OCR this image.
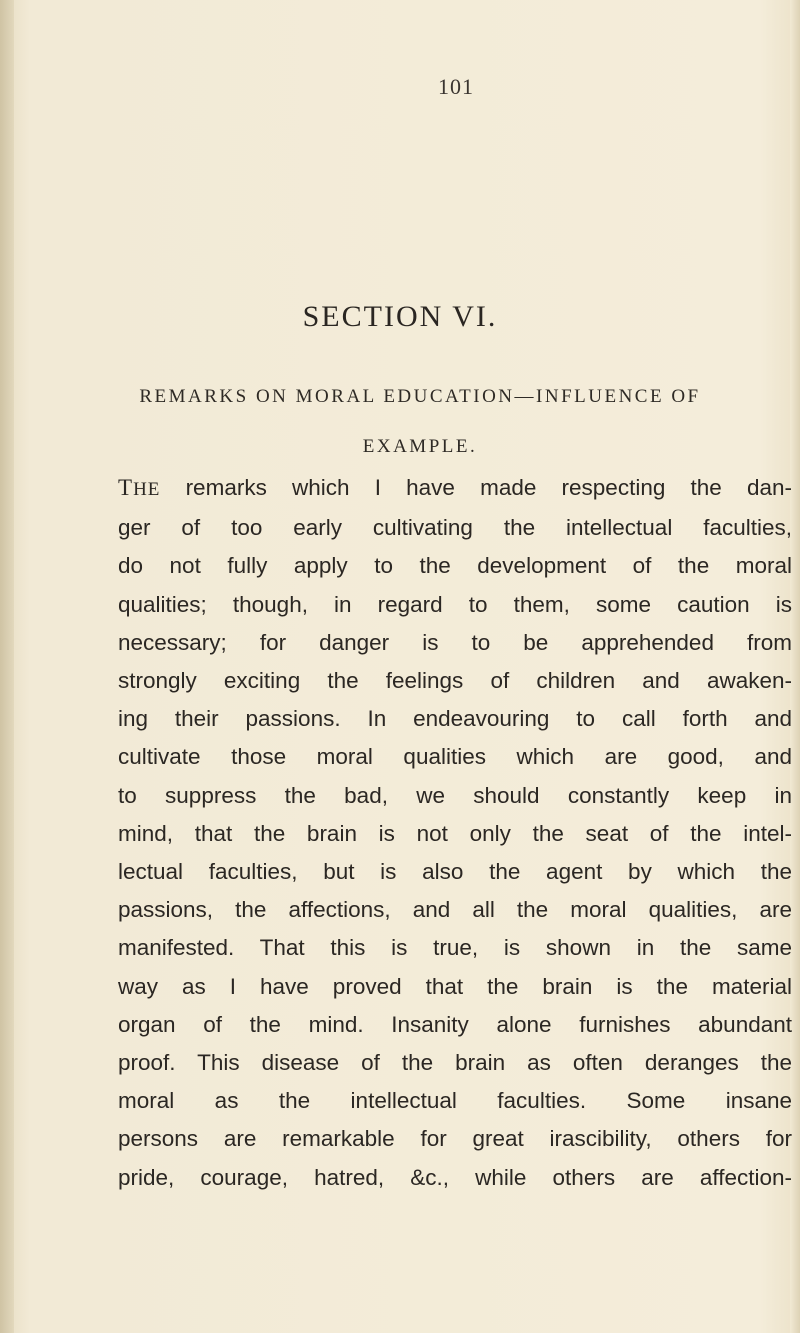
101
SECTION VI.
REMARKS ON MORAL EDUCATION—INFLUENCE OF
EXAMPLE.
THE remarks which I have made respecting the dan-
ger of too early cultivating the intellectual faculties,
do not fully apply to the development of the moral
qualities; though, in regard to them, some caution is
necessary; for danger is to be apprehended from
strongly exciting the feelings of children and awaken-
ing their passions. In endeavouring to call forth and
cultivate those moral qualities which are good, and
to suppress the bad, we should constantly keep in
mind, that the brain is not only the seat of the intel-
lectual faculties, but is also the agent by which the
passions, the affections, and all the moral qualities, are
manifested. That this is true, is shown in the same
way as I have proved that the brain is the material
organ of the mind. Insanity alone furnishes abundant
proof. This disease of the brain as often deranges the
moral as the intellectual faculties. Some insane
persons are remarkable for great irascibility, others for
pride, courage, hatred, &c., while others are affection-
